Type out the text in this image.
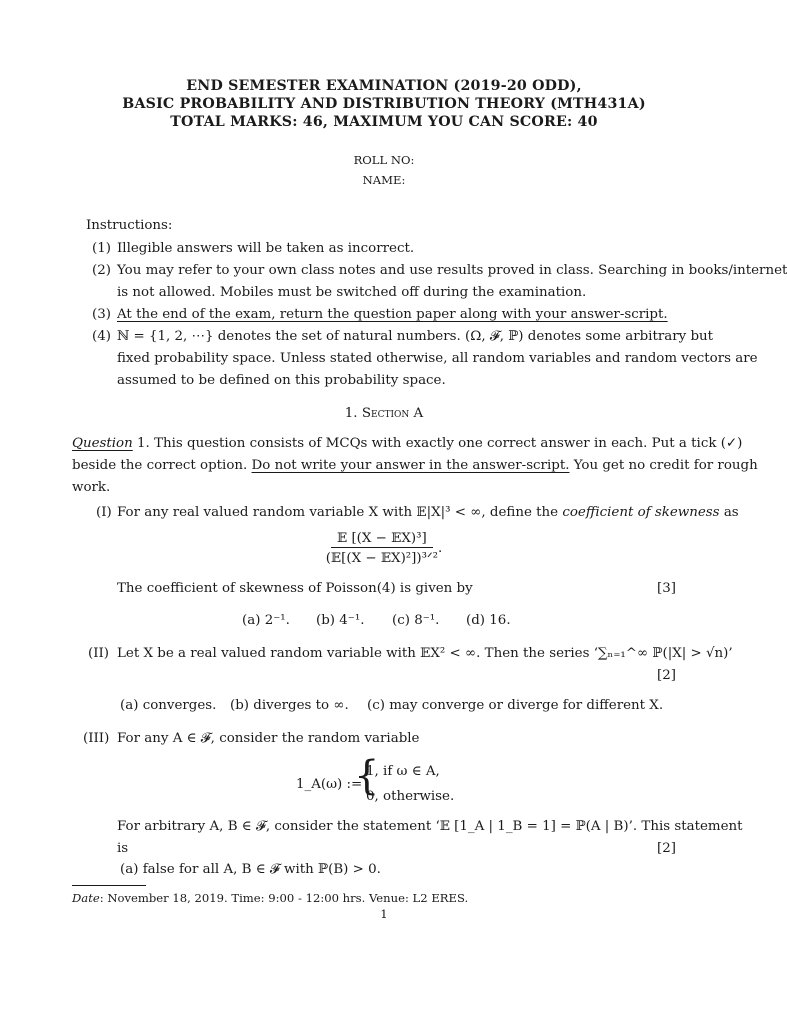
END SEMESTER EXAMINATION (2019-20 ODD),
BASIC PROBABILITY AND DISTRIBUTION THEORY (MTH431A)
TOTAL MARKS: 46, MAXIMUM YOU CAN SCORE: 40
ROLL NO:
NAME:
Instructions:
(1) Illegible answers will be taken as incorrect.
(2) You may refer to your own class notes and use results proved in class. Searching in books/internet
is not allowed. Mobiles must be switched off during the examination.
(3) At the end of the exam, return the question paper along with your answer-script.
(4) ℕ = {1, 2, ⋯} denotes the set of natural numbers. (Ω, 𝓕, ℙ) denotes some arbitrary but
fixed probability space. Unless stated otherwise, all random variables and random vectors are
assumed to be defined on this probability space.
1. Section A
Question 1. This question consists of MCQs with exactly one correct answer in each. Put a tick (✓)
beside the correct option. Do not write your answer in the answer-script. You get no credit for rough
work.
(I) For any real valued random variable X with 𝔼|X|³ < ∞, define the coefficient of skewness as
𝔼 [(X − 𝔼X)³]
(𝔼[(X − 𝔼X)²])³ᐟ²
.
The coefficient of skewness of Poisson(4) is given by	[3]
(a) 2⁻¹. (b) 4⁻¹. (c) 8⁻¹. (d) 16.
(II) Let X be a real valued random variable with 𝔼X² < ∞. Then the series ‘∑ₙ₌₁^∞ ℙ(|X| > √n)’
[2]
(a) converges. (b) diverges to ∞. (c) may converge or diverge for different X.
(III) For any A ∈ 𝓕, consider the random variable
1_A(ω) :=
{
1, if ω ∈ A,
0, otherwise.
For arbitrary A, B ∈ 𝓕, consider the statement ‘𝔼 [1_A | 1_B = 1] = ℙ(A | B)’. This statement
is	[2]
(a) false for all A, B ∈ 𝓕 with ℙ(B) > 0.
Date: November 18, 2019. Time: 9:00 - 12:00 hrs. Venue: L2 ERES.
1
